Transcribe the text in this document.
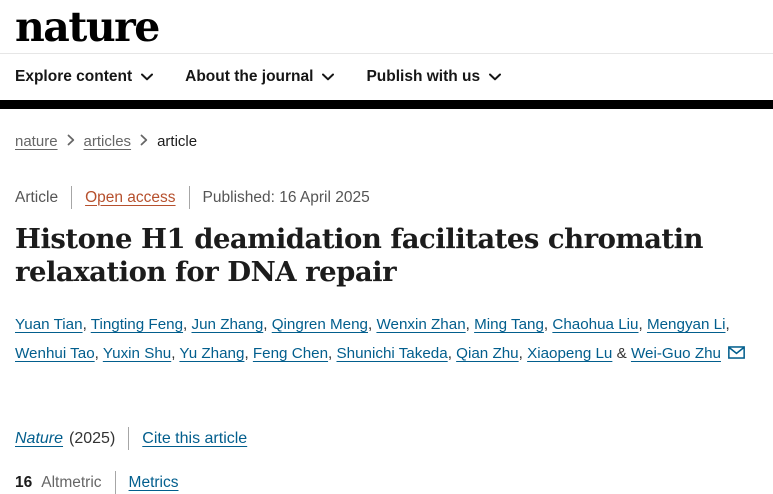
nature
Explore content	About the journal	Publish with us
nature articles article
Article Open access Published: 16 April 2025
Histone H1 deamidation facilitates chromatin relaxation for DNA repair

Yuan Tian, Tingting Feng, Jun Zhang, Qingren Meng, Wenxin Zhan, Ming Tang, Chaohua Liu, Mengyan Li, Wenhui Tao, Yuxin Shu, Yu Zhang, Feng Chen, Shunichi Takeda, Qian Zhu, Xiaopeng Lu & Wei-Guo Zhu

Nature (2025) Cite this article
16 Altmetric Metrics
